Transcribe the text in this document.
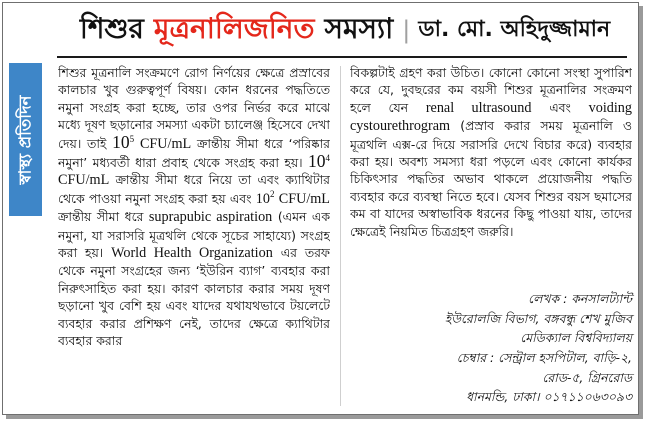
স্বাস্থ্য প্রতিদিন
শিশুর মূত্রনালিজনিত সমস্যা | ডা. মো. অহিদুজ্জামান
শিশুর মূত্রনালি সংক্রমণে রোগ নির্ণয়ের ক্ষেত্রে প্রস্রাবের কালচার খুব গুরুত্বপূর্ণ বিষয়। কোন ধরনের পদ্ধতিতে নমুনা সংগ্রহ করা হচ্ছে, তার ওপর নির্ভর করে মাঝে মধ্যে দূষণ ছড়ানোর সমস্যা একটা চ্যালেঞ্জ হিসেবে দেখা দেয়। তাই $10^5$ CFU/mL ক্রান্তীয় সীমা ধরে ‘পরিষ্কার নমুনা’ মধ্যবর্তী ধারা প্রবাহ থেকে সংগ্রহ করা হয়। $10^4$ CFU/mL ক্রান্তীয় সীমা ধরে নিয়ে তা এবং ক্যাথিটার থেকে পাওয়া নমুনা সংগ্রহ করা হয় এবং $10^2$ CFU/mL ক্রান্তীয় সীমা ধরে suprapubic aspiration (এমন এক নমুনা, যা সরাসরি মূত্রথলি থেকে সূচের সাহায্যে) সংগ্রহ করা হয়। World Health Organization এর তরফ থেকে নমুনা সংগ্রহের জন্য ‘ইউরিন ব্যাগ’ ব্যবহার করা নিরুৎসাহিত করা হয়। কারণ কালচার করার সময় দূষণ ছড়ানো খুব বেশি হয় এবং যাদের যথাযথভাবে টয়লেটে ব্যবহার করার প্রশিক্ষণ নেই, তাদের ক্ষেত্রে ক্যাথিটার ব্যবহার করার
বিকল্পটাই গ্রহণ করা উচিত। কোনো কোনো সংস্থা সুপারিশ করে যে, দুবছরের কম বয়সী শিশুর মূত্রনালির সংক্রমণ হলে যেন renal ultrasound এবং voiding cystourethrogram (প্রস্রাব করার সময় মূত্রনালি ও মূত্রথলি এক্স-রে দিয়ে সরাসরি দেখে বিচার করে) ব্যবহার করা হয়। অবশ্য সমস্যা ধরা পড়লে এবং কোনো কার্যকর চিকিৎসার পদ্ধতির অভাব থাকলে প্রয়োজনীয় পদ্ধতি ব্যবহার করে ব্যবস্থা নিতে হবে। যেসব শিশুর বয়স ছমাসের কম বা যাদের অস্বাভাবিক ধরনের কিছু পাওয়া যায়, তাদের ক্ষেত্রেই নিয়মিত চিত্রগ্রহণ জরুরি।
লেখক : কনসালট্যান্ট
ইউরোলজি বিভাগ, বঙ্গবন্ধু শেখ মুজিব
মেডিক্যাল বিশ্ববিদ্যালয়
চেম্বার : সেন্ট্রাল হসপিটাল, বাড়ি-২,
রোড-৫, গ্রিনরোড
ধানমন্ডি, ঢাকা। ০১৭১১০৬৩০৯৩
